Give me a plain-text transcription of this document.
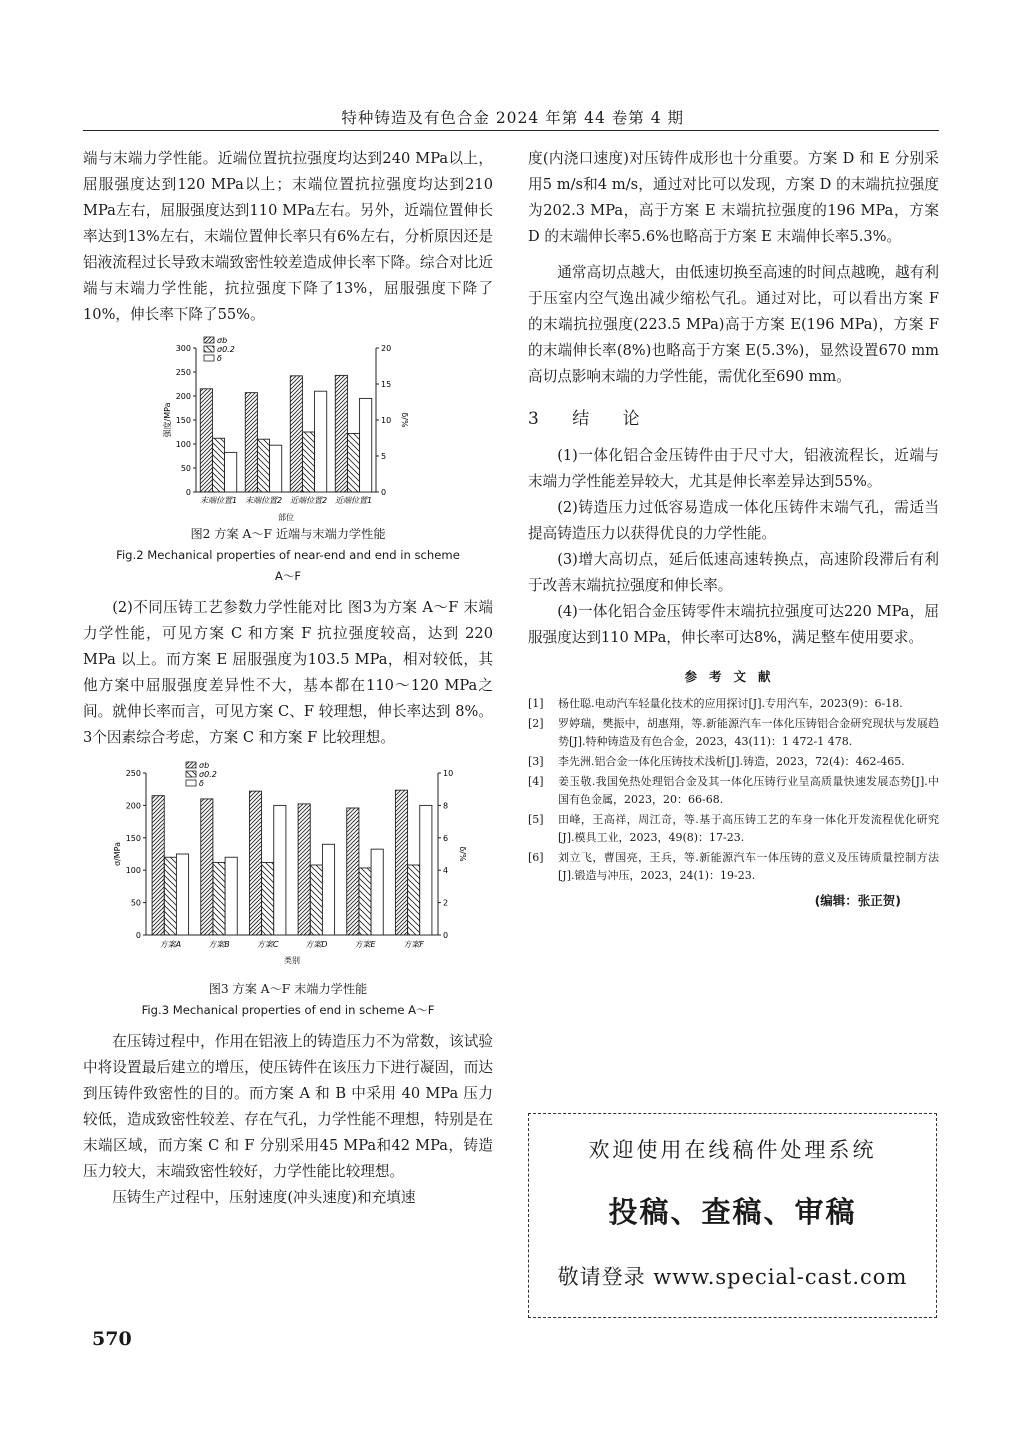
特种铸造及有色合金 2024 年第 44 卷第 4 期

端与末端力学性能。近端位置抗拉强度均达到240 MPa以上，屈服强度达到120 MPa以上；末端位置抗拉强度均达到210 MPa左右，屈服强度达到110 MPa左右。另外，近端位置伸长率达到13%左右，末端位置伸长率只有6%左右，分析原因还是铝液流程过长导致末端致密性较差造成伸长率下降。综合对比近端与末端力学性能，抗拉强度下降了13%，屈服强度下降了10%，伸长率下降了55%。

0
50
100
150
200
250
300
0
5
10
15
20
强度/MPa	δ/%
部位
末端位置1 末端位置2 近端位置2 近端位置1
σb
σ0.2
δ

图2 方案 A～F 近端与末端力学性能

Fig.2 Mechanical properties of near-end and end in scheme

A～F

(2)不同压铸工艺参数力学性能对比 图3为方案 A～F 末端力学性能，可见方案 C 和方案 F 抗拉强度较高，达到 220 MPa 以上。而方案 E 屈服强度为103.5 MPa，相对较低，其他方案中屈服强度差异性不大，基本都在110～120 MPa之间。就伸长率而言，可见方案 C、F 较理想，伸长率达到 8%。3个因素综合考虑，方案 C 和方案 F 比较理想。

0
50
100
150
200
250
0
2
4
6
8
10
σ/MPa	δ/%
类别
方案A	方案B	方案C	方案D	方案E	方案F
σb
σ0.2
δ

图3 方案 A～F 末端力学性能

Fig.3 Mechanical properties of end in scheme A～F

在压铸过程中，作用在铝液上的铸造压力不为常数，该试验中将设置最后建立的增压，使压铸件在该压力下进行凝固，而达到压铸件致密性的目的。而方案 A 和 B 中采用 40 MPa 压力较低，造成致密性较差、存在气孔，力学性能不理想，特别是在末端区域，而方案 C 和 F 分别采用45 MPa和42 MPa，铸造压力较大，末端致密性较好，力学性能比较理想。

压铸生产过程中，压射速度(冲头速度)和充填速

度(内浇口速度)对压铸件成形也十分重要。方案 D 和 E 分别采用5 m/s和4 m/s，通过对比可以发现，方案 D 的末端抗拉强度为202.3 MPa，高于方案 E 末端抗拉强度的196 MPa，方案 D 的末端伸长率5.6%也略高于方案 E 末端伸长率5.3%。

通常高切点越大，由低速切换至高速的时间点越晚，越有利于压室内空气逸出减少缩松气孔。通过对比，可以看出方案 F 的末端抗拉强度(223.5 MPa)高于方案 E(196 MPa)，方案 F 的末端伸长率(8%)也略高于方案 E(5.3%)，显然设置670 mm高切点影响末端的力学性能，需优化至690 mm。

3 结 论

(1)一体化铝合金压铸件由于尺寸大，铝液流程长，近端与末端力学性能差异较大，尤其是伸长率差异达到55%。

(2)铸造压力过低容易造成一体化压铸件末端气孔，需适当提高铸造压力以获得优良的力学性能。

(3)增大高切点，延后低速高速转换点，高速阶段滞后有利于改善末端抗拉强度和伸长率。

(4)一体化铝合金压铸零件末端抗拉强度可达220 MPa，屈服强度达到110 MPa，伸长率可达8%，满足整车使用要求。

参考文献
[1]	杨仕聪.电动汽车轻量化技术的应用探讨[J].专用汽车，2023(9)：6-18.
[2]	罗婷瑞，樊振中，胡惠翔，等.新能源汽车一体化压铸铝合金研究现状与发展趋势[J].特种铸造及有色合金，2023，43(11)：1 472-1 478.
[3]	李先洲.铝合金一体化压铸技术浅析[J].铸造，2023，72(4)：462-465.
[4]	姜玉敬.我国免热处理铝合金及其一体化压铸行业呈高质量快速发展态势[J].中国有色金属，2023，20：66-68.
[5]	田峰，王高祥，周江奇，等.基于高压铸工艺的车身一体化开发流程优化研究[J].模具工业，2023，49(8)：17-23.
[6]	刘立飞，曹国亮，王兵，等.新能源汽车一体压铸的意义及压铸质量控制方法[J].锻造与冲压，2023，24(1)：19-23.
(编辑：张正贺)
欢迎使用在线稿件处理系统
投稿、查稿、审稿
敬请登录 www.special-cast.com
570
